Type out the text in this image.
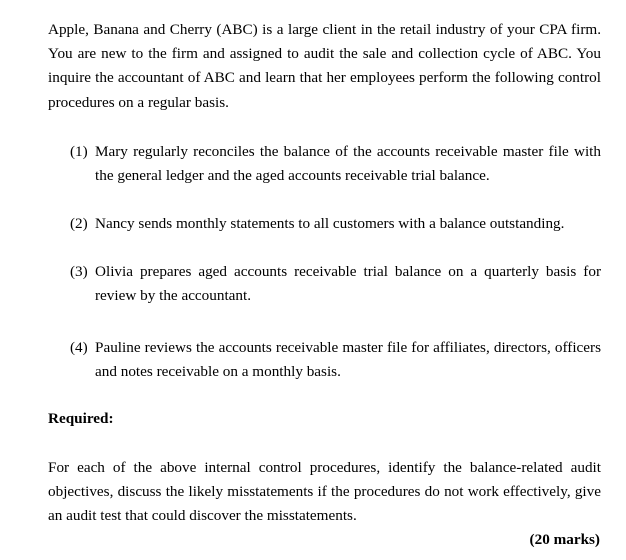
Apple, Banana and Cherry (ABC) is a large client in the retail industry of your CPA firm. You are new to the firm and assigned to audit the sale and collection cycle of ABC. You inquire the accountant of ABC and learn that her employees perform the following control procedures on a regular basis.

(1) Mary regularly reconciles the balance of the accounts receivable master file with the general ledger and the aged accounts receivable trial balance.
(2) Nancy sends monthly statements to all customers with a balance outstanding.
(3) Olivia prepares aged accounts receivable trial balance on a quarterly basis for review by the accountant.
(4) Pauline reviews the accounts receivable master file for affiliates, directors, officers and notes receivable on a monthly basis.

Required:

For each of the above internal control procedures, identify the balance-related audit objectives, discuss the likely misstatements if the procedures do not work effectively, give an audit test that could discover the misstatements.

(20 marks)
